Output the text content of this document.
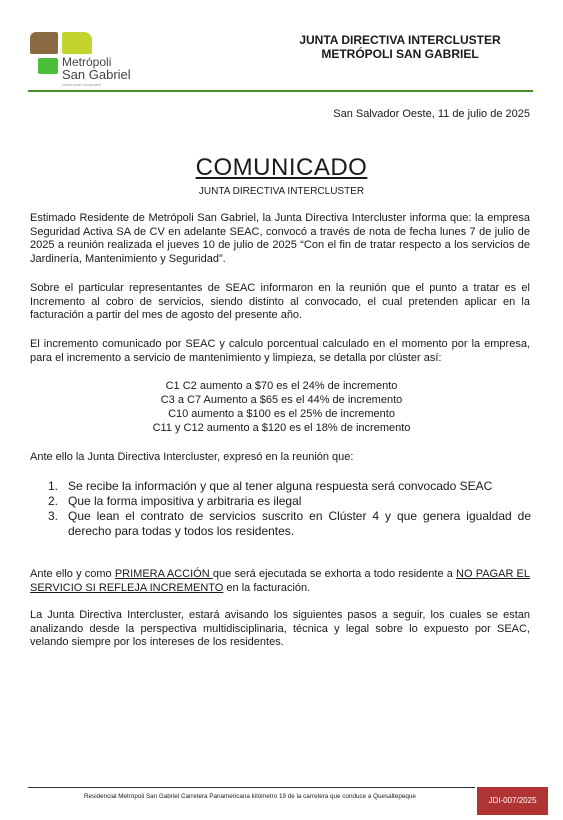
Metrópoli
San Gabriel
residencial campestre
JUNTA DIRECTIVA INTERCLUSTER
METRÓPOLI SAN GABRIEL
San Salvador Oeste, 11 de julio de 2025
COMUNICADO
JUNTA DIRECTIVA INTERCLUSTER
Estimado Residente de Metrópoli San Gabriel, la Junta Directiva Intercluster informa que: la empresa Seguridad Activa SA de CV en adelante SEAC, convocó a través de nota de fecha lunes 7 de julio de 2025 a reunión realizada el jueves 10 de julio de 2025 “Con el fin de tratar respecto a los servicios de Jardinería, Mantenimiento y Seguridad”.
Sobre el particular representantes de SEAC informaron en la reunión que el punto a tratar es el Incremento al cobro de servicios, siendo distinto al convocado, el cual pretenden aplicar en la facturación a partir del mes de agosto del presente año.
El incremento comunicado por SEAC y calculo porcentual calculado en el momento por la empresa, para el incremento a servicio de mantenimiento y limpieza, se detalla por clúster así:
C1 C2 aumento a $70 es el 24% de incremento
C3 a C7 Aumento a $65 es el 44% de incremento
C10 aumento a $100 es el 25% de incremento
C11 y C12 aumento a $120 es el 18% de incremento
Ante ello la Junta Directiva Intercluster, expresó en la reunión que:
1. Se recibe la información y que al tener alguna respuesta será convocado SEAC
2. Que la forma impositiva y arbitraria es ilegal
3. Que lean el contrato de servicios suscrito en Clúster 4 y que genera igualdad de derecho para todas y todos los residentes.
Ante ello y como PRIMERA ACCIÓN que será ejecutada se exhorta a todo residente a NO PAGAR EL SERVICIO SI REFLEJA INCREMENTO en la facturación.
La Junta Directiva Intercluster, estará avisando los siguientes pasos a seguir, los cuales se estan analizando desde la perspectiva multidisciplinaria, técnica y legal sobre lo expuesto por SEAC, velando siempre por los intereses de los residentes.
Residencial Metrópoli San Gabriel Carretera Panamericana kilómetro 19 de la carretera que conduce a Quesaltepeque	JDI-007/2025
